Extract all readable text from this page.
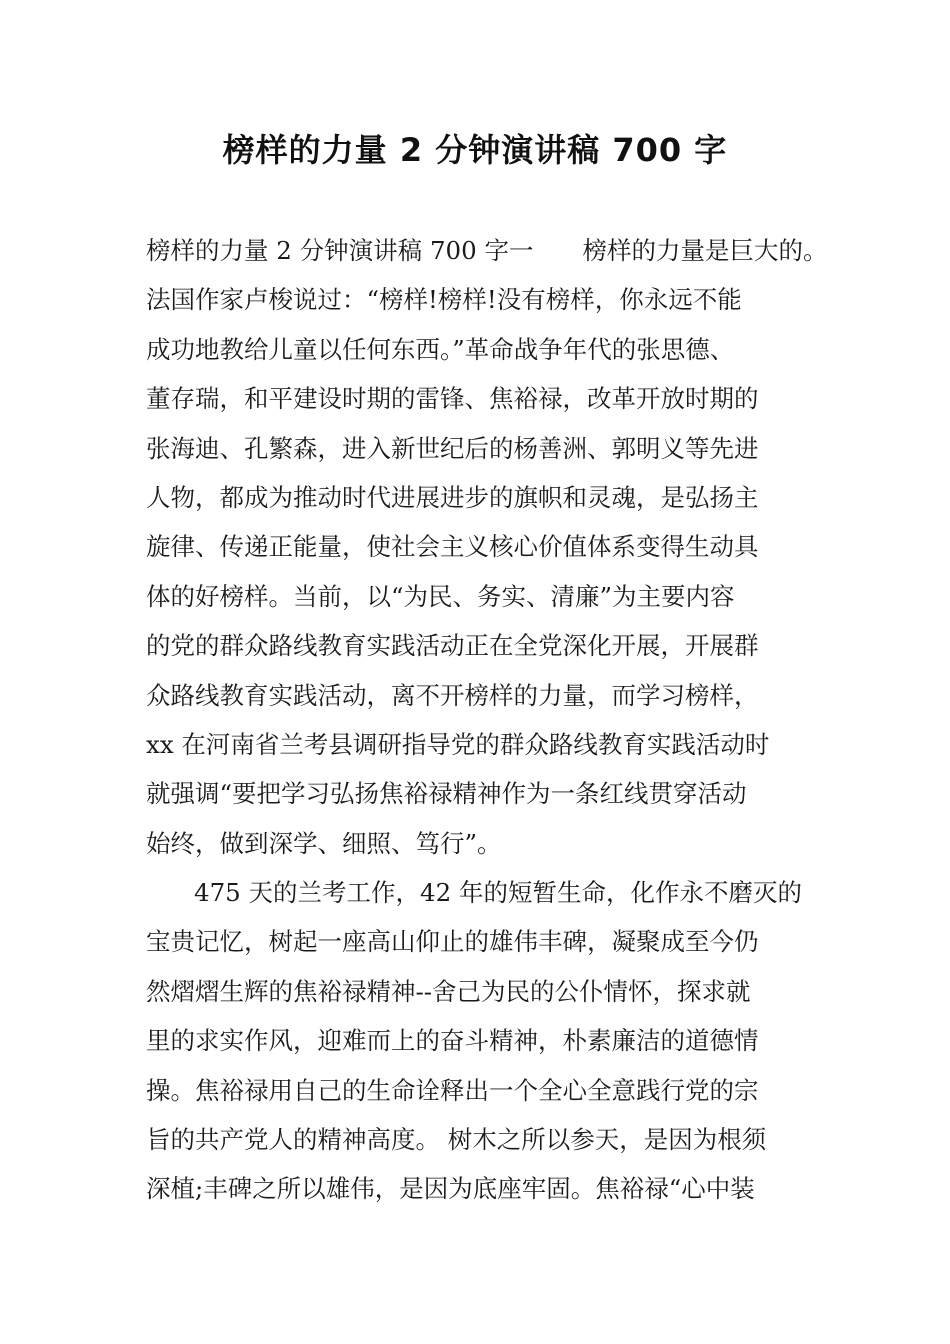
榜样的力量 2 分钟演讲稿 700 字
榜样的力量 2 分钟演讲稿 700 字一　　榜样的力量是巨大的。
法国作家卢梭说过：“榜样!榜样!没有榜样，你永远不能
成功地教给儿童以任何东西。”革命战争年代的张思德、
董存瑞，和平建设时期的雷锋、焦裕禄，改革开放时期的
张海迪、孔繁森，进入新世纪后的杨善洲、郭明义等先进
人物，都成为推动时代进展进步的旗帜和灵魂，是弘扬主
旋律、传递正能量，使社会主义核心价值体系变得生动具
体的好榜样。当前，以“为民、务实、清廉”为主要内容
的党的群众路线教育实践活动正在全党深化开展，开展群
众路线教育实践活动，离不开榜样的力量，而学习榜样，
xx 在河南省兰考县调研指导党的群众路线教育实践活动时
就强调“要把学习弘扬焦裕禄精神作为一条红线贯穿活动
始终，做到深学、细照、笃行”。
475 天的兰考工作，42 年的短暂生命，化作永不磨灭的
宝贵记忆，树起一座高山仰止的雄伟丰碑，凝聚成至今仍
然熠熠生辉的焦裕禄精神--舍己为民的公仆情怀，探求就
里的求实作风，迎难而上的奋斗精神，朴素廉洁的道德情
操。焦裕禄用自己的生命诠释出一个全心全意践行党的宗
旨的共产党人的精神高度。 树木之所以参天，是因为根须
深植;丰碑之所以雄伟，是因为底座牢固。焦裕禄“心中装
